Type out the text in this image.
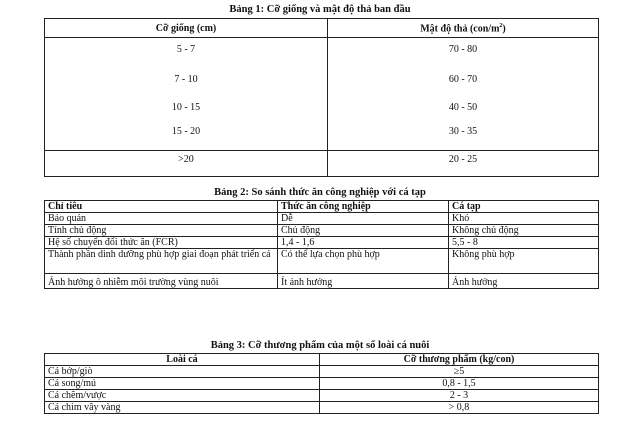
Bảng 1: Cỡ giống và mật độ thả ban đầu
Cỡ giống (cm)	Mật độ thả $(con/m^2)$
5 - 7	70 - 80
7 - 10	60 - 70
10 - 15	40 - 50
15 - 20	30 - 35
>20	20 - 25
Bảng 2: So sánh thức ăn công nghiệp với cá tạp
Chỉ tiêu	Thức ăn công nghiệp	Cá tạp
Bảo quản	Dễ	Khó
Tính chủ động	Chủ động	Không chủ động
Hệ số chuyển đổi thức ăn (FCR)	1,4 - 1,6	5,5 - 8
Thành phần dinh dưỡng phù hợp giai đoạn phát triển cá	Có thể lựa chọn phù hợp	Không phù hợp
Ảnh hưởng ô nhiễm môi trường vùng nuôi	Ít ảnh hưởng	Ảnh hưởng
Bảng 3: Cỡ thương phẩm của một số loài cá nuôi
Loài cá	Cỡ thương phẩm (kg/con)
Cá bớp/giò	≥5
Cá song/mú	0,8 - 1,5
Cá chẽm/vược	2 - 3
Cá chim vây vàng	> 0,8
